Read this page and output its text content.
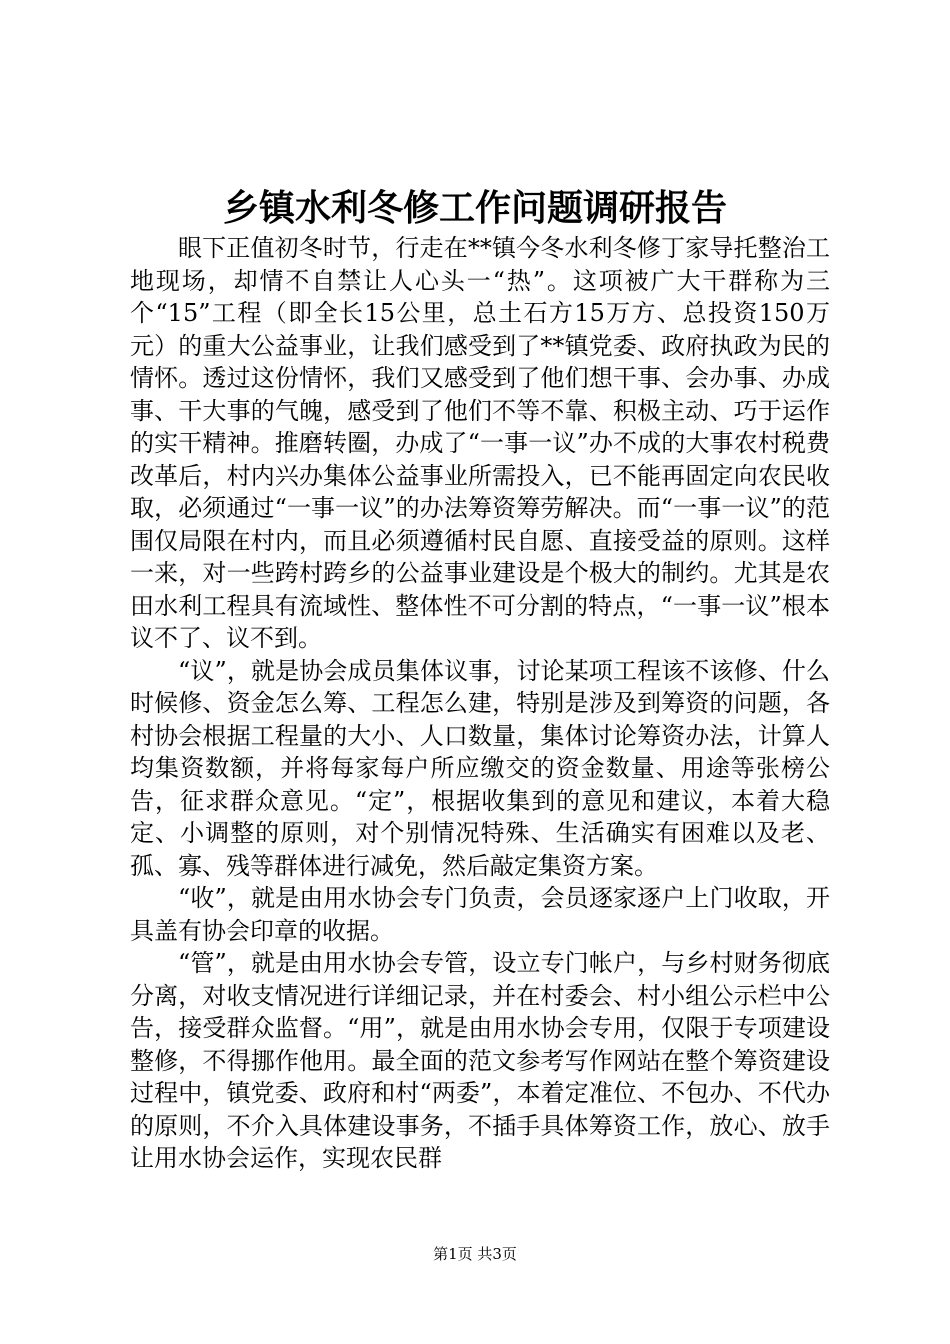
乡镇水利冬修工作问题调研报告

眼下正值初冬时节，行走在**镇今冬水利冬修丁家导托整治工地现场，却情不自禁让人心头一“热”。这项被广大干群称为三个“15”工程（即全长15公里，总土石方15万方、总投资150万元）的重大公益事业，让我们感受到了**镇党委、政府执政为民的情怀。透过这份情怀，我们又感受到了他们想干事、会办事、办成事、干大事的气魄，感受到了他们不等不靠、积极主动、巧于运作的实干精神。推磨转圈，办成了“一事一议”办不成的大事农村税费改革后，村内兴办集体公益事业所需投入，已不能再固定向农民收取，必须通过“一事一议”的办法筹资筹劳解决。而“一事一议”的范围仅局限在村内，而且必须遵循村民自愿、直接受益的原则。这样一来，对一些跨村跨乡的公益事业建设是个极大的制约。尤其是农田水利工程具有流域性、整体性不可分割的特点，“一事一议”根本议不了、议不到。

“议”，就是协会成员集体议事，讨论某项工程该不该修、什么时候修、资金怎么筹、工程怎么建，特别是涉及到筹资的问题，各村协会根据工程量的大小、人口数量，集体讨论筹资办法，计算人均集资数额，并将每家每户所应缴交的资金数量、用途等张榜公告，征求群众意见。“定”，根据收集到的意见和建议，本着大稳定、小调整的原则，对个别情况特殊、生活确实有困难以及老、孤、寡、残等群体进行减免，然后敲定集资方案。

“收”，就是由用水协会专门负责，会员逐家逐户上门收取，开具盖有协会印章的收据。

“管”，就是由用水协会专管，设立专门帐户，与乡村财务彻底分离，对收支情况进行详细记录，并在村委会、村小组公示栏中公告，接受群众监督。“用”，就是由用水协会专用，仅限于专项建设整修，不得挪作他用。最全面的范文参考写作网站在整个筹资建设过程中，镇党委、政府和村“两委”，本着定准位、不包办、不代办的原则，不介入具体建设事务，不插手具体筹资工作，放心、放手让用水协会运作，实现农民群

第1页 共3页
